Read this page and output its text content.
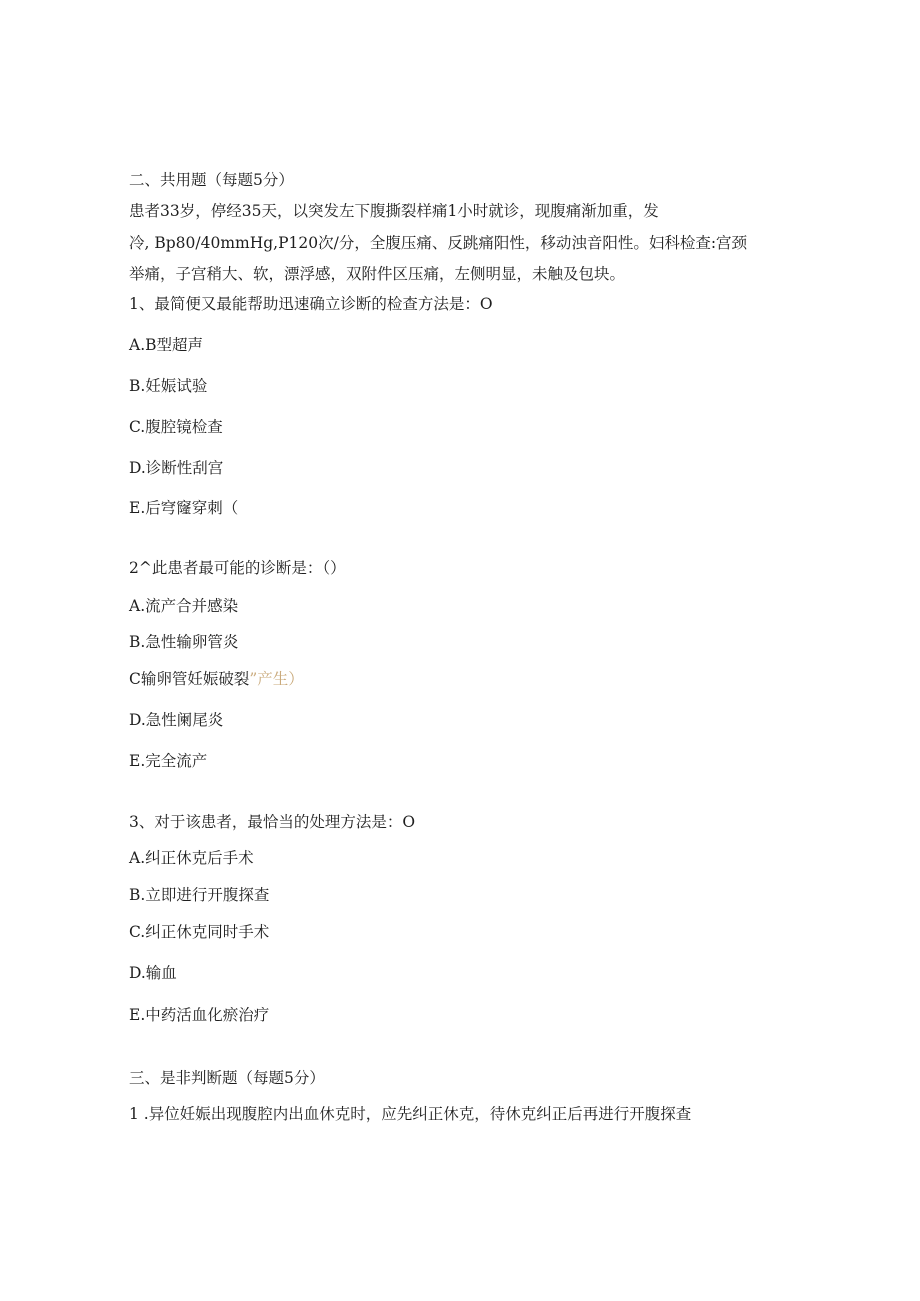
二、共用题（每题5分）
患者33岁，停经35天，以突发左下腹撕裂样痛1小时就诊，现腹痛渐加重，发
冷, Bp80/40mmHg,P120次/分，全腹压痛、反跳痛阳性，移动浊音阳性。妇科检查:宫颈
举痛，子宫稍大、软，漂浮感，双附件区压痛，左侧明显，未触及包块。
1、最简便又最能帮助迅速确立诊断的检查方法是：O
A.B型超声
B.妊娠试验
C.腹腔镜检查
D.诊断性刮宫
E.后穹窿穿刺（
2^此患者最可能的诊断是：（）
A.流产合并感染
B.急性输卵管炎
C输卵管妊娠破裂”产生）
D.急性阑尾炎
E.完全流产
3、对于该患者，最恰当的处理方法是：O
A.纠正休克后手术
B.立即进行开腹探查
C.纠正休克同时手术
D.输血
E.中药活血化瘀治疗
三、是非判断题（每题5分）
1 .异位妊娠出现腹腔内出血休克时，应先纠正休克，待休克纠正后再进行开腹探查
